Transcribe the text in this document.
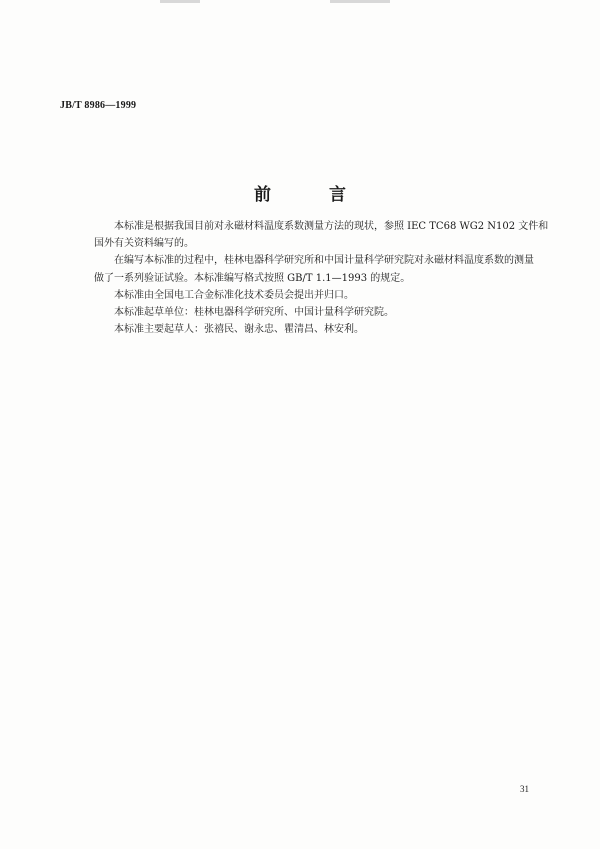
JB/T 8986—1999
前 言
本标准是根据我国目前对永磁材料温度系数测量方法的现状，参照 IEC TC68 WG2 N102 文件和
国外有关资料编写的。
在编写本标准的过程中，桂林电器科学研究所和中国计量科学研究院对永磁材料温度系数的测量
做了一系列验证试验。本标准编写格式按照 GB/T 1.1—1993 的规定。
本标准由全国电工合金标准化技术委员会提出并归口。
本标准起草单位：桂林电器科学研究所、中国计量科学研究院。
本标准主要起草人：张禧民、谢永忠、瞿清昌、林安利。
31
